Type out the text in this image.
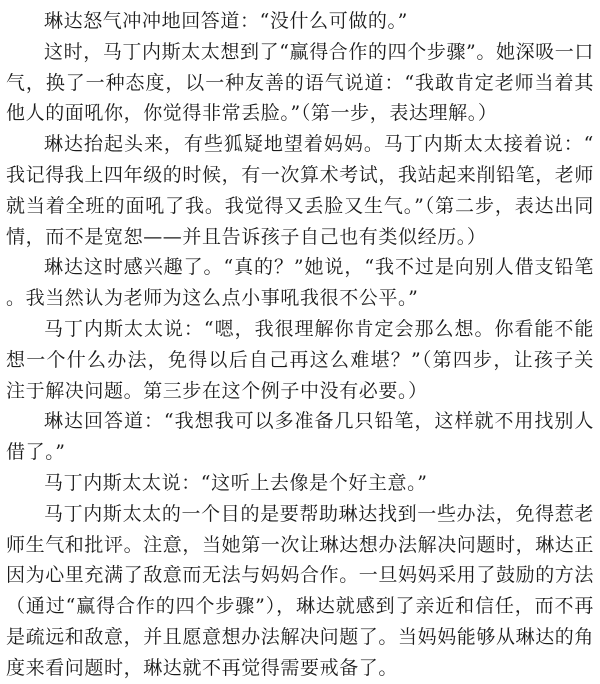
琳达怒气冲冲地回答道：“没什么可做的。”

这时，马丁内斯太太想到了“赢得合作的四个步骤”。她深吸一口气，换了一种态度，以一种友善的语气说道：“我敢肯定老师当着其他人的面吼你，你觉得非常丢脸。”（第一步，表达理解。）

琳达抬起头来，有些狐疑地望着妈妈。马丁内斯太太接着说：“我记得我上四年级的时候，有一次算术考试，我站起来削铅笔，老师就当着全班的面吼了我。我觉得又丢脸又生气。”（第二步，表达出同情，而不是宽恕——并且告诉孩子自己也有类似经历。）

琳达这时感兴趣了。“真的？”她说，“我不过是向别人借支铅笔。我当然认为老师为这么点小事吼我很不公平。”

马丁内斯太太说：“嗯，我很理解你肯定会那么想。你看能不能想一个什么办法，免得以后自己再这么难堪？”（第四步，让孩子关注于解决问题。第三步在这个例子中没有必要。）

琳达回答道：“我想我可以多准备几只铅笔，这样就不用找别人借了。”

马丁内斯太太说：“这听上去像是个好主意。”

马丁内斯太太的一个目的是要帮助琳达找到一些办法，免得惹老师生气和批评。注意，当她第一次让琳达想办法解决问题时，琳达正因为心里充满了敌意而无法与妈妈合作。一旦妈妈采用了鼓励的方法（通过“赢得合作的四个步骤”），琳达就感到了亲近和信任，而不再是疏远和敌意，并且愿意想办法解决问题了。当妈妈能够从琳达的角度来看问题时，琳达就不再觉得需要戒备了。
